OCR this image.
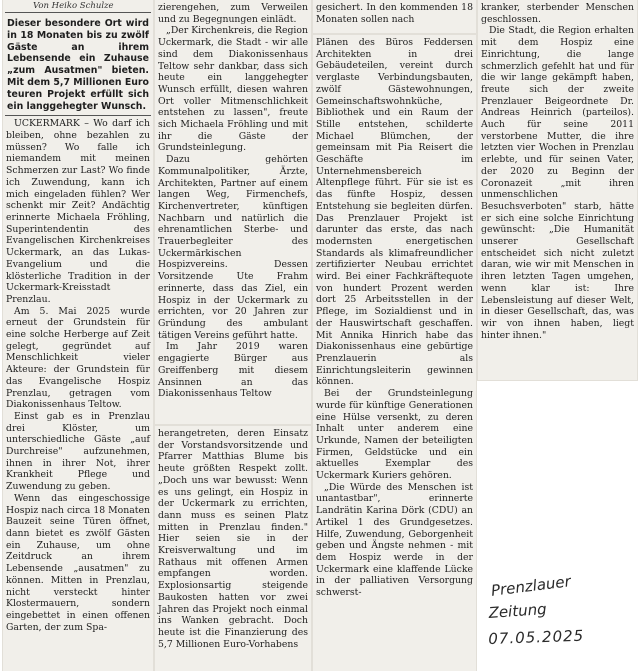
Von Heiko Schulze

Dieser besondere Ort wird in 18 Monaten bis zu zwölf Gäste an ihrem Lebensende ein Zuhause „zum Ausatmen" bieten. Mit dem 5,7 Millionen Euro teuren Projekt erfüllt sich ein langgehegter Wunsch.

UCKERMARK – Wo darf ich bleiben, ohne bezahlen zu müssen? Wo falle ich niemandem mit meinen Schmerzen zur Last? Wo finde ich Zuwendung, kann ich mich eingeladen fühlen? Wer schenkt mir Zeit? Andächtig erinnerte Michaela Fröhling, Superintendentin des Evangelischen Kirchenkreises Uckermark, an das Lukas-Evangelium und die klösterliche Tradition in der Uckermark-Kreisstadt Prenzlau.

Am 5. Mai 2025 wurde erneut der Grundstein für eine solche Herberge auf Zeit gelegt, gegründet auf Menschlichkeit vieler Akteure: der Grundstein für das Evangelische Hospiz Prenzlau, getragen vom Diakonissenhaus Teltow.

Einst gab es in Prenzlau drei Klöster, um unterschiedliche Gäste „auf Durchreise" aufzunehmen, ihnen in ihrer Not, ihrer Krankheit Pflege und Zuwendung zu geben.

Wenn das eingeschossige Hospiz nach circa 18 Monaten Bauzeit seine Türen öffnet, dann bietet es zwölf Gästen ein Zuhause, um ohne Zeitdruck an ihrem Lebensende „ausatmen" zu können. Mitten in Prenzlau, nicht versteckt hinter Klostermauern, sondern eingebettet in einen offenen Garten, der zum Spa-

zierengehen, zum Verweilen und zu Begegnungen einlädt.

„Der Kirchenkreis, die Region Uckermark, die Stadt - wir alle sind dem Diakonissenhaus Teltow sehr dankbar, dass sich heute ein langgehegter Wunsch erfüllt, diesen wahren Ort voller Mitmenschlichkeit entstehen zu lassen", freute sich Michaela Fröhling und mit ihr die Gäste der Grundsteinlegung.

Dazu gehörten Kommunalpolitiker, Ärzte, Architekten, Partner auf einem langen Weg, Firmenchefs, Kirchenvertreter, künftigen Nachbarn und natürlich die ehrenamtlichen Sterbe- und Trauerbegleiter des Uckermärkischen Hospizvereins. Dessen Vorsitzende Ute Frahm erinnerte, dass das Ziel, ein Hospiz in der Uckermark zu errichten, vor 20 Jahren zur Gründung des ambulant tätigen Vereins geführt hatte.

Im Jahr 2019 waren engagierte Bürger aus Greiffenberg mit diesem Ansinnen an das Diakonissenhaus Teltow

herangetreten, deren Einsatz der Vorstandsvorsitzende und Pfarrer Matthias Blume bis heute größten Respekt zollt. „Doch uns war bewusst: Wenn es uns gelingt, ein Hospiz in der Uckermark zu errichten, dann muss es seinen Platz mitten in Prenzlau finden." Hier seien sie in der Kreisverwaltung und im Rathaus mit offenen Armen empfangen worden. Explosionsartig steigende Baukosten hatten vor zwei Jahren das Projekt noch einmal ins Wanken gebracht. Doch heute ist die Finanzierung des 5,7 Millionen Euro-Vorhabens

gesichert. In den kommenden 18 Monaten sollen nach

Plänen des Büros Feddersen Architekten in drei Gebäudeteilen, vereint durch verglaste Verbindungsbauten, zwölf Gästewohnungen, Gemeinschaftswohnküche, Bibliothek und ein Raum der Stille entstehen, schilderte Michael Blümchen, der gemeinsam mit Pia Reisert die Geschäfte im Unternehmensbereich Altenpflege führt. Für sie ist es das fünfte Hospiz, dessen Entstehung sie begleiten dürfen. Das Prenzlauer Projekt ist darunter das erste, das nach modernsten energetischen Standards als klimafreundlicher zertifizierter Neubau errichtet wird. Bei einer Fachkräftequote von hundert Prozent werden dort 25 Arbeitsstellen in der Pflege, im Sozialdienst und in der Hauswirtschaft geschaffen. Mit Annika Hinrich habe das Diakonissenhaus eine gebürtige Prenzlauerin als Einrichtungsleiterin gewinnen können.

Bei der Grundsteinlegung wurde für künftige Generationen eine Hülse versenkt, zu deren Inhalt unter anderem eine Urkunde, Namen der beteiligten Firmen, Geldstücke und ein aktuelles Exemplar des Uckermark Kuriers gehören.

„Die Würde des Menschen ist unantastbar", erinnerte Landrätin Karina Dörk (CDU) an Artikel 1 des Grundgesetzes. Hilfe, Zuwendung, Geborgenheit geben und Ängste nehmen - mit dem Hospiz werde in der Uckermark eine klaffende Lücke in der palliativen Versorgung schwerst-

kranker, sterbender Menschen geschlossen.

Die Stadt, die Region erhalten mit dem Hospiz eine Einrichtung, die lange schmerzlich gefehlt hat und für die wir lange gekämpft haben, freute sich der zweite Prenzlauer Beigeordnete Dr. Andreas Heinrich (parteilos). Auch für seine 2011 verstorbene Mutter, die ihre letzten vier Wochen in Prenzlau erlebte, und für seinen Vater, der 2020 zu Beginn der Coronazeit „mit ihren unmenschlichen Besuchsverboten" starb, hätte er sich eine solche Einrichtung gewünscht: „Die Humanität unserer Gesellschaft entscheidet sich nicht zuletzt daran, wie wir mit Menschen in ihren letzten Tagen umgehen, wenn klar ist: Ihre Lebensleistung auf dieser Welt, in dieser Gesellschaft, das, was wir von ihnen haben, liegt hinter ihnen."

Prenzlauer
Zeitung
07.05.2025
